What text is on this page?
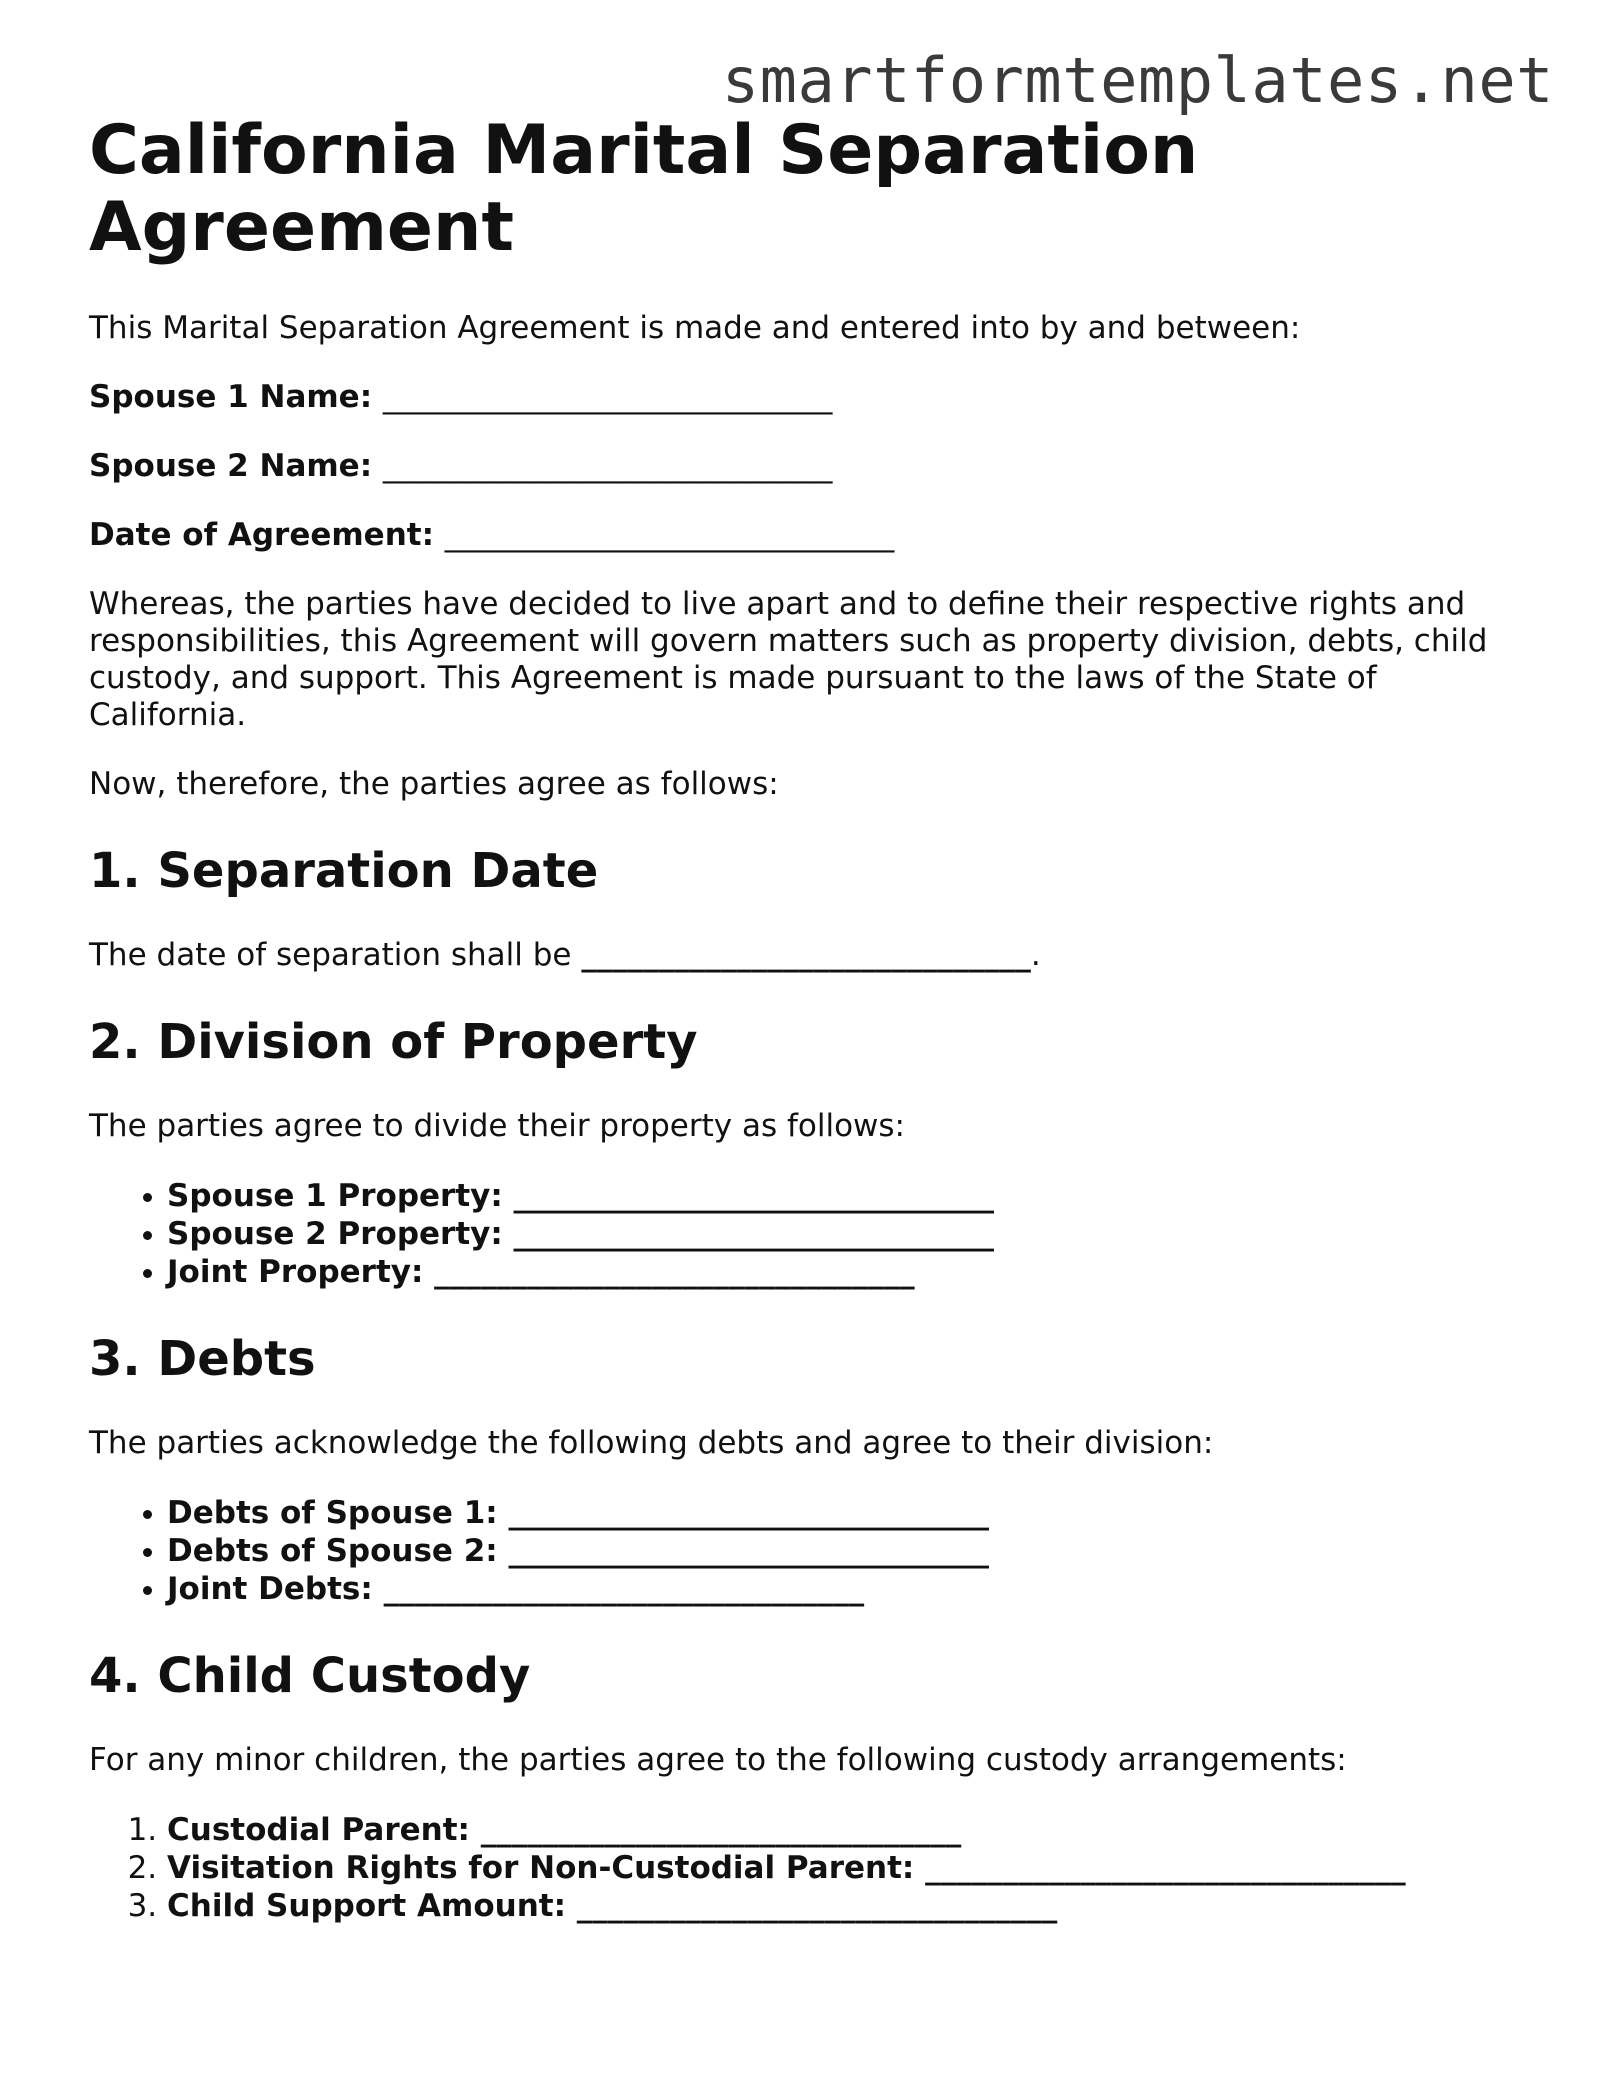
smartformtemplates.net
California Marital Separation Agreement

This Marital Separation Agreement is made and entered into by and between:

Spouse 1 Name: _____________________________

Spouse 2 Name: _____________________________

Date of Agreement: _____________________________

Whereas, the parties have decided to live apart and to define their respective rights and responsibilities, this Agreement will govern matters such as property division, debts, child custody, and support. This Agreement is made pursuant to the laws of the State of California.

Now, therefore, the parties agree as follows:

1. Separation Date

The date of separation shall be _____________________________.

2. Division of Property

The parties agree to divide their property as follows:

• Spouse 1 Property: _______________________________
• Spouse 2 Property: _______________________________
• Joint Property: _______________________________
3. Debts

The parties acknowledge the following debts and agree to their division:

• Debts of Spouse 1: _______________________________
• Debts of Spouse 2: _______________________________
• Joint Debts: _______________________________
4. Child Custody

For any minor children, the parties agree to the following custody arrangements:

1. Custodial Parent: _______________________________
2. Visitation Rights for Non-Custodial Parent: _______________________________
3. Child Support Amount: _______________________________
